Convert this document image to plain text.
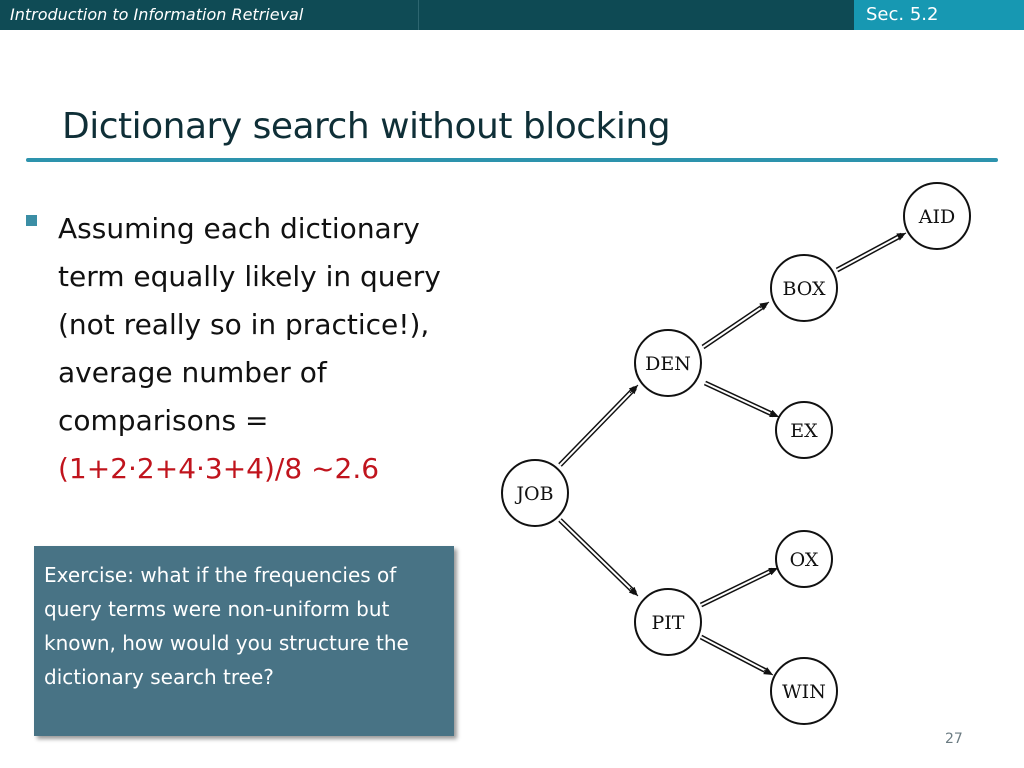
Introduction to Information Retrieval	Sec. 5.2
Dictionary search without blocking
Assuming each dictionary term equally likely in query (not really so in practice!), average number of comparisons = (1+2·2+4·3+4)/8 ~2.6

Exercise: what if the frequencies of query terms were non-uniform but known, how would you structure the dictionary search tree?

JOB
DEN
PIT
BOX
EX
OX
WIN
AID
27
